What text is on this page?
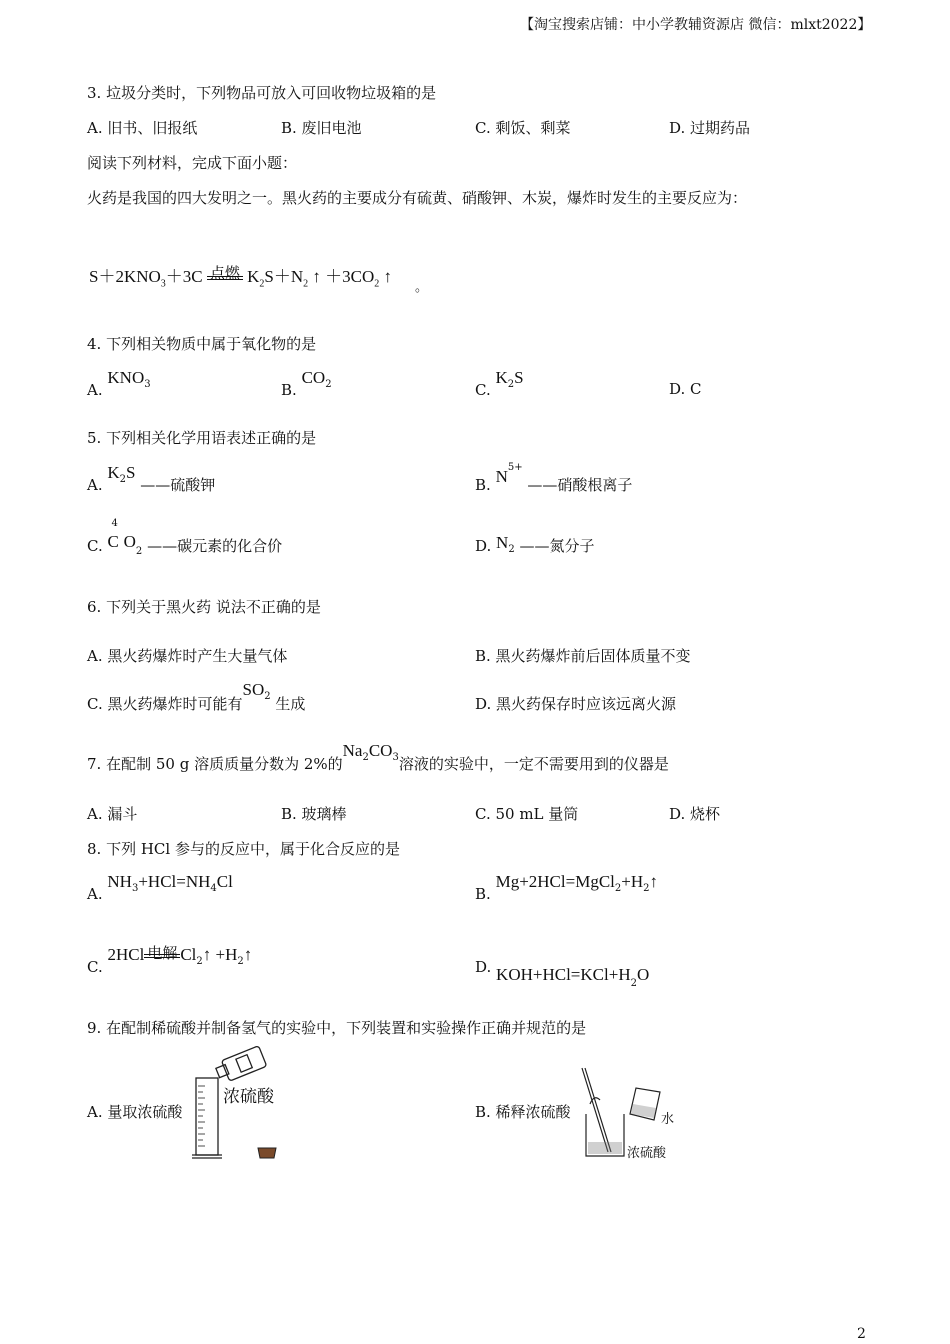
【淘宝搜索店铺：中小学教辅资源店 微信：mlxt2022】
3. 垃圾分类时，下列物品可放入可回收物垃圾箱的是
A. 旧书、旧报纸	B. 废旧电池	C. 剩饭、剩菜	D. 过期药品
阅读下列材料，完成下面小题：
火药是我国的四大发明之一。黑火药的主要成分有硫黄、硝酸钾、木炭，爆炸时发生的主要反应为：
$S+2KNO_3+3C$ 点燃 $K_2S+N_2$ ↑ $+3CO_2$ ↑
。
4. 下列相关物质中属于氧化物的是
A. $KNO_3$	B. $CO_2$	C. $K_2S$
D. C
5. 下列相关化学用语表述正确的是
A. $K_2S$ ——硫酸钾	B. $N^{5+}$ ——硝酸根离子
C.
4
C $O_2$ ——碳元素的化合价	D. $N_2$ ——氮分子
6. 下列关于黑火药 说法不正确的是
A. 黑火药爆炸时产生大量气体	B. 黑火药爆炸前后固体质量不变
C. 黑火药爆炸时可能有$SO_2$ 生成	D. 黑火药保存时应该远离火源
7. 在配制 50 g 溶质质量分数为 2%的$Na_2CO_3$溶液的实验中，一定不需要用到的仪器是
A. 漏斗	B. 玻璃棒	C. 50 mL 量筒	D. 烧杯
8. 下列 HCl 参与的反应中，属于化合反应的是
A. $NH_3+HCl=NH_4Cl$
B. $Mg+2HCl=MgCl_2+H_2↑$
C. 2HCl 电解 $Cl_2↑$ $+H_2↑$
D. $KOH+HCl=KCl+H_2O$
9. 在配制稀硫酸并制备氢气的实验中，下列装置和实验操作正确并规范的是
A. 量取浓硫酸	B. 稀释浓硫酸
浓硫酸
水
浓硫酸
2
